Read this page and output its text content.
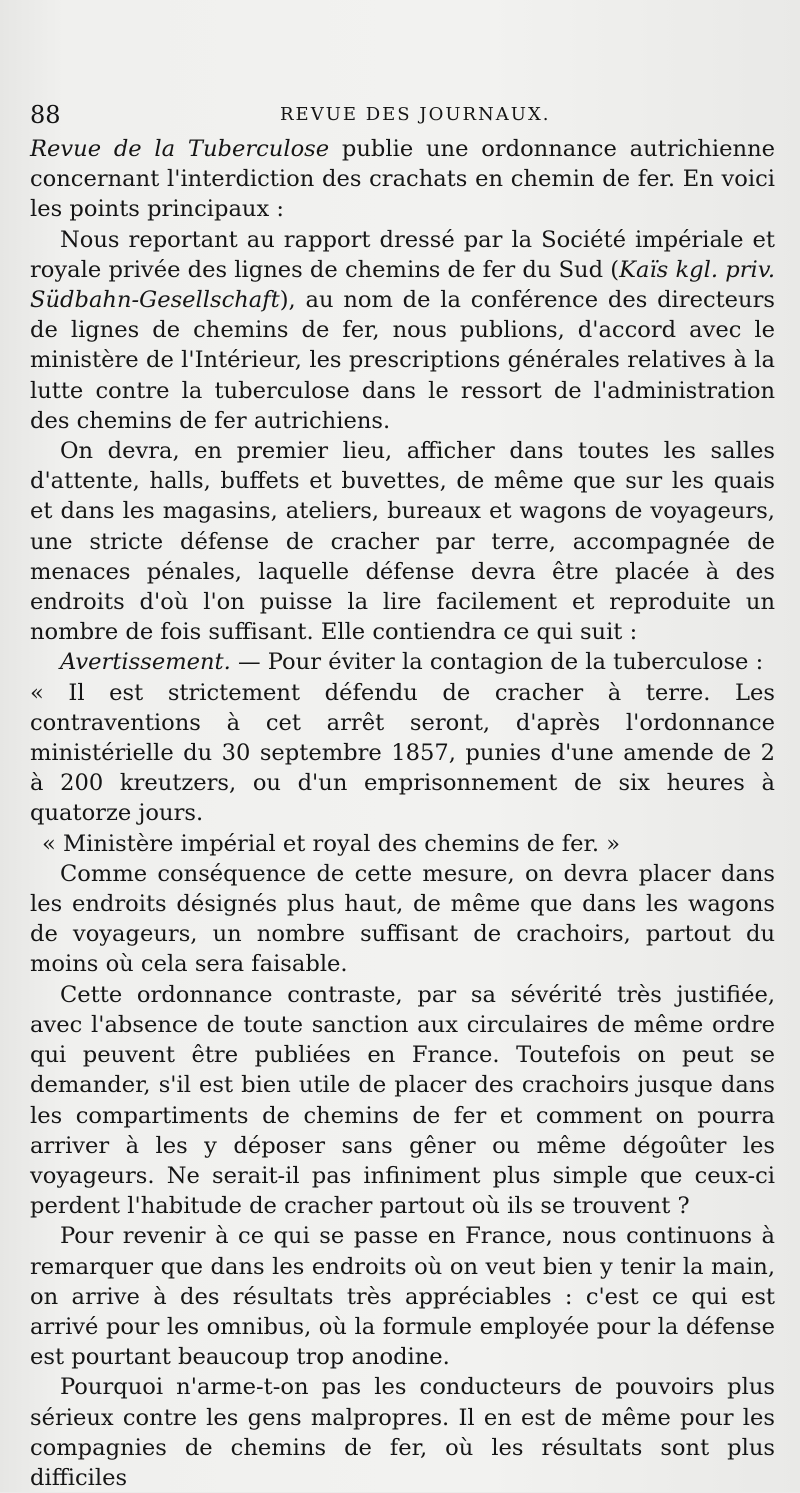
88	REVUE DES JOURNAUX.

Revue de la Tuberculose publie une ordonnance autrichienne concernant l'interdiction des crachats en chemin de fer. En voici les points principaux :

Nous reportant au rapport dressé par la Société impériale et royale privée des lignes de chemins de fer du Sud (Kaïs kgl. priv. Südbahn-Gesellschaft), au nom de la conférence des directeurs de lignes de chemins de fer, nous publions, d'accord avec le ministère de l'Intérieur, les prescriptions générales relatives à la lutte contre la tuberculose dans le ressort de l'administration des chemins de fer autrichiens.

On devra, en premier lieu, afficher dans toutes les salles d'attente, halls, buffets et buvettes, de même que sur les quais et dans les magasins, ateliers, bureaux et wagons de voyageurs, une stricte défense de cracher par terre, accompagnée de menaces pénales, laquelle défense devra être placée à des endroits d'où l'on puisse la lire facilement et reproduite un nombre de fois suffisant. Elle contiendra ce qui suit :

Avertissement. — Pour éviter la contagion de la tuberculose :

« Il est strictement défendu de cracher à terre. Les contraventions à cet arrêt seront, d'après l'ordonnance ministérielle du 30 septembre 1857, punies d'une amende de 2 à 200 kreutzers, ou d'un emprisonnement de six heures à quatorze jours.

« Ministère impérial et royal des chemins de fer. »

Comme conséquence de cette mesure, on devra placer dans les endroits désignés plus haut, de même que dans les wagons de voyageurs, un nombre suffisant de crachoirs, partout du moins où cela sera faisable.

Cette ordonnance contraste, par sa sévérité très justifiée, avec l'absence de toute sanction aux circulaires de même ordre qui peuvent être publiées en France. Toutefois on peut se demander, s'il est bien utile de placer des crachoirs jusque dans les compartiments de chemins de fer et comment on pourra arriver à les y déposer sans gêner ou même dégoûter les voyageurs. Ne serait-il pas infiniment plus simple que ceux-ci perdent l'habitude de cracher partout où ils se trouvent ?

Pour revenir à ce qui se passe en France, nous continuons à remarquer que dans les endroits où on veut bien y tenir la main, on arrive à des résultats très appréciables : c'est ce qui est arrivé pour les omnibus, où la formule employée pour la défense est pourtant beaucoup trop anodine.

Pourquoi n'arme-t-on pas les conducteurs de pouvoirs plus sérieux contre les gens malpropres. Il en est de même pour les compagnies de chemins de fer, où les résultats sont plus difficiles
